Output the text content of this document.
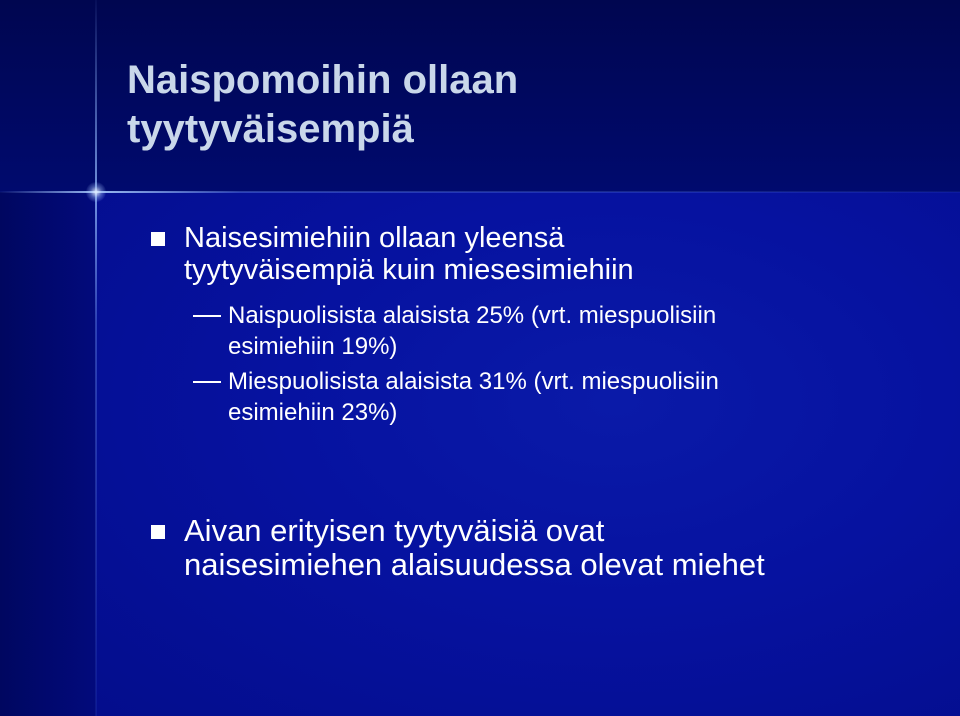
Naispomoihin ollaan
tyytyväisempiä
Naisesimiehiin ollaan yleensä
tyytyväisempiä kuin miesesimiehiin
Naispuolisista alaisista 25% (vrt. miespuolisiin
esimiehiin 19%)
Miespuolisista alaisista 31% (vrt. miespuolisiin
esimiehiin 23%)
Aivan erityisen tyytyväisiä ovat
naisesimiehen alaisuudessa olevat miehet
